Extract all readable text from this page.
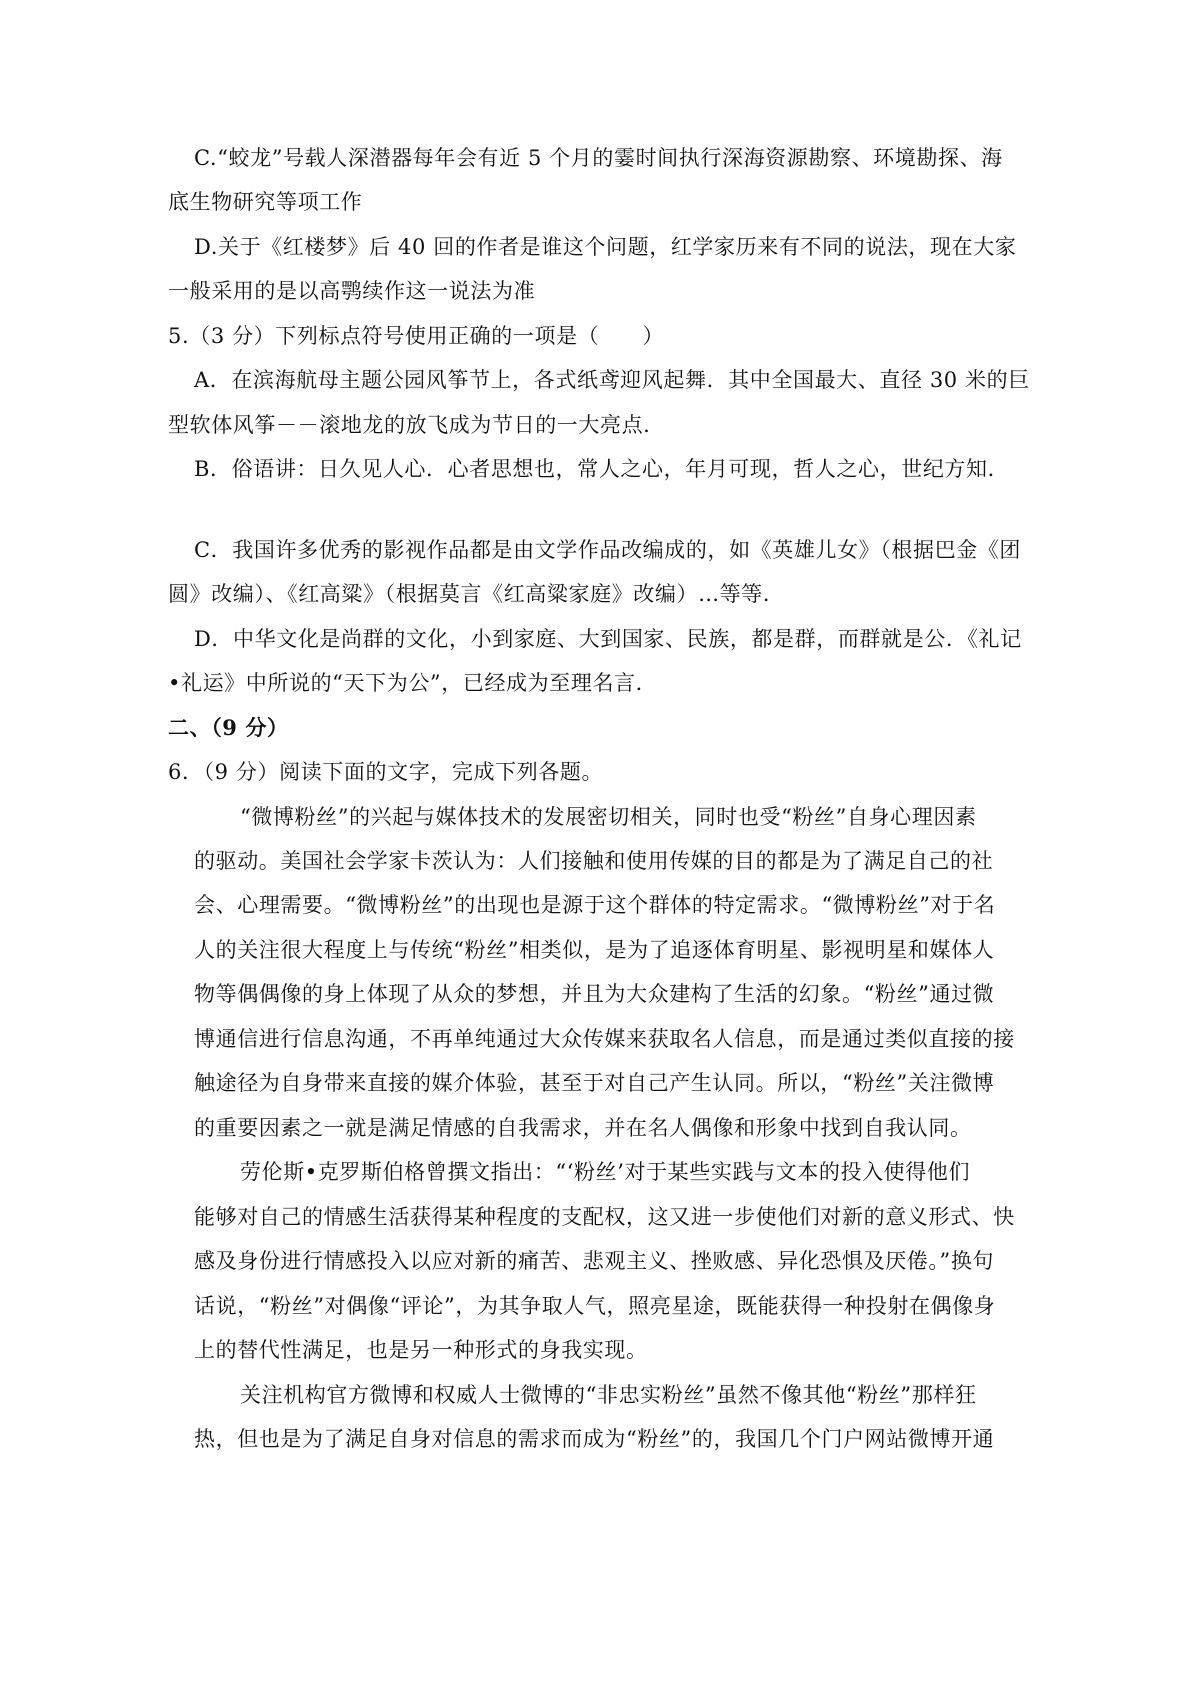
C.“蛟龙”号载人深潜器每年会有近 5 个月的霎时间执行深海资源勘察、环境勘探、海
底生物研究等项工作
D.关于《红楼梦》后 40 回的作者是谁这个问题，红学家历来有不同的说法，现在大家
一般采用的是以高鹗续作这一说法为准
5.（3 分）下列标点符号使用正确的一项是（　　）
A．在滨海航母主题公园风筝节上，各式纸鸢迎风起舞．其中全国最大、直径 30 米的巨
型软体风筝－－滚地龙的放飞成为节日的一大亮点．
B．俗语讲：日久见人心．心者思想也，常人之心，年月可现，哲人之心，世纪方知．
C．我国许多优秀的影视作品都是由文学作品改编成的，如《英雄儿女》（根据巴金《团
圆》改编）、《红高粱》（根据莫言《红高粱家庭》改编）…等等．
D．中华文化是尚群的文化，小到家庭、大到国家、民族，都是群，而群就是公．《礼记
•礼运》中所说的“天下为公”，已经成为至理名言．
二、（9 分）
6．（9 分）阅读下面的文字，完成下列各题。
“微博粉丝”的兴起与媒体技术的发展密切相关，同时也受“粉丝”自身心理因素
的驱动。美国社会学家卡茨认为：人们接触和使用传媒的目的都是为了满足自己的社
会、心理需要。“微博粉丝”的出现也是源于这个群体的特定需求。“微博粉丝”对于名
人的关注很大程度上与传统“粉丝”相类似，是为了追逐体育明星、影视明星和媒体人
物等偶偶像的身上体现了从众的梦想，并且为大众建构了生活的幻象。“粉丝”通过微
博通信进行信息沟通，不再单纯通过大众传媒来获取名人信息，而是通过类似直接的接
触途径为自身带来直接的媒介体验，甚至于对自己产生认同。所以，“粉丝”关注微博
的重要因素之一就是满足情感的自我需求，并在名人偶像和形象中找到自我认同。
劳伦斯•克罗斯伯格曾撰文指出：“‘粉丝’对于某些实践与文本的投入使得他们
能够对自己的情感生活获得某种程度的支配权，这又进一步使他们对新的意义形式、快
感及身份进行情感投入以应对新的痛苦、悲观主义、挫败感、异化恐惧及厌倦。”换句
话说，“粉丝”对偶像“评论”，为其争取人气，照亮星途，既能获得一种投射在偶像身
上的替代性满足，也是另一种形式的身我实现。
关注机构官方微博和权威人士微博的“非忠实粉丝”虽然不像其他“粉丝”那样狂
热，但也是为了满足自身对信息的需求而成为“粉丝”的，我国几个门户网站微博开通
